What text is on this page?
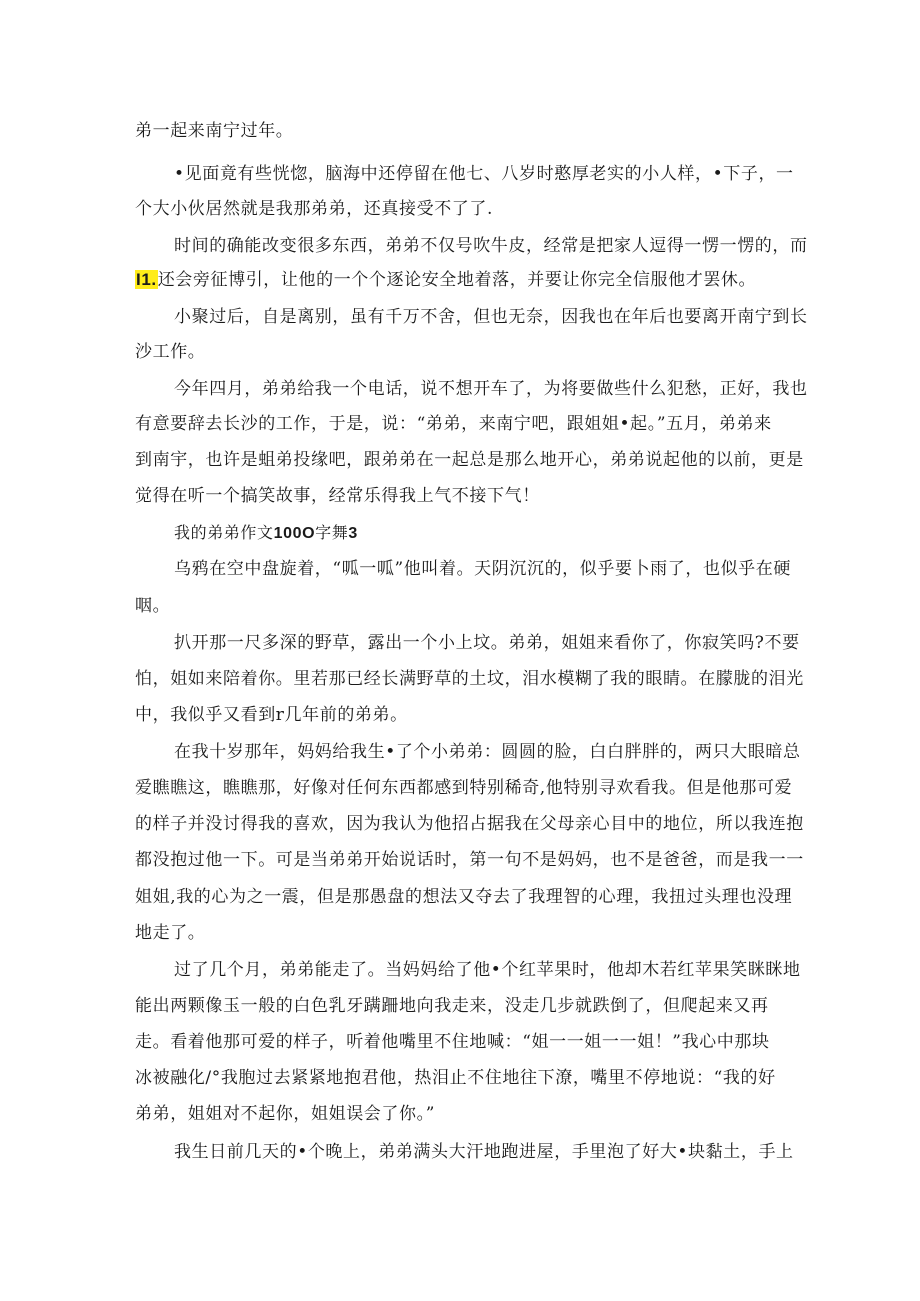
弟一起来南宁过年。
•见面竟有些恍惚，脑海中还停留在他七、八岁时憨厚老实的小人样，•下子，一
个大小伙居然就是我那弟弟，还真接受不了了.
时间的确能改变很多东西，弟弟不仅号吹牛皮，经常是把家人逗得一愣一愣的，而
I1.还会旁征博引，让他的一个个逐论安全地着落，并要让你完全信服他才罢休。
小聚过后，自是离别，虽有千万不舍，但也无奈，因我也在年后也要离开南宁到长
沙工作。
今年四月，弟弟给我一个电话，说不想开车了，为将要做些什么犯愁，正好，我也
有意要辞去长沙的工作，于是，说：“弟弟，来南宁吧，跟姐姐•起。”五月，弟弟来
到南宇，也许是蛆弟投缘吧，跟弟弟在一起总是那么地开心，弟弟说起他的以前，更是
觉得在听一个搞笑故事，经常乐得我上气不接下气！
我的弟弟作文100O字舞3
乌鸦在空中盘旋着，“呱一呱”他叫着。天阴沉沉的，似乎要卜雨了，也似乎在硬
咽。
扒开那一尺多深的野草，露出一个小上坟。弟弟，姐姐来看你了，你寂笑吗?不要
怕，姐如来陪着你。里若那已经长满野草的土坟，泪水模糊了我的眼睛。在朦胧的泪光
中，我似乎又看到r几年前的弟弟。
在我十岁那年，妈妈给我生•了个小弟弟：圆圆的脸，白白胖胖的，两只大眼暗总
爱瞧瞧这，瞧瞧那，好像对任何东西都感到特别稀奇,他特别寻欢看我。但是他那可爱
的样子并没讨得我的喜欢，因为我认为他招占据我在父母亲心目中的地位，所以我连抱
都没抱过他一下。可是当弟弟开始说话时，第一句不是妈妈，也不是爸爸，而是我一一
姐姐,我的心为之一震，但是那愚盘的想法又夺去了我理智的心理，我扭过头理也没理
地走了。
过了几个月，弟弟能走了。当妈妈给了他•个红苹果时，他却木若红苹果笑眯眯地
能出两颗像玉一般的白色乳牙蹒跚地向我走来，没走几步就跌倒了，但爬起来又再
走。看着他那可爱的样子，听着他嘴里不住地喊：“姐一一姐一一姐！”我心中那块
冰被融化/°我胞过去紧紧地抱君他，热泪止不住地往下潦，嘴里不停地说：“我的好
弟弟，姐姐对不起你，姐姐误会了你。”
我生日前几天的•个晚上，弟弟满头大汗地跑进屋，手里泡了好大•块黏土，手上
